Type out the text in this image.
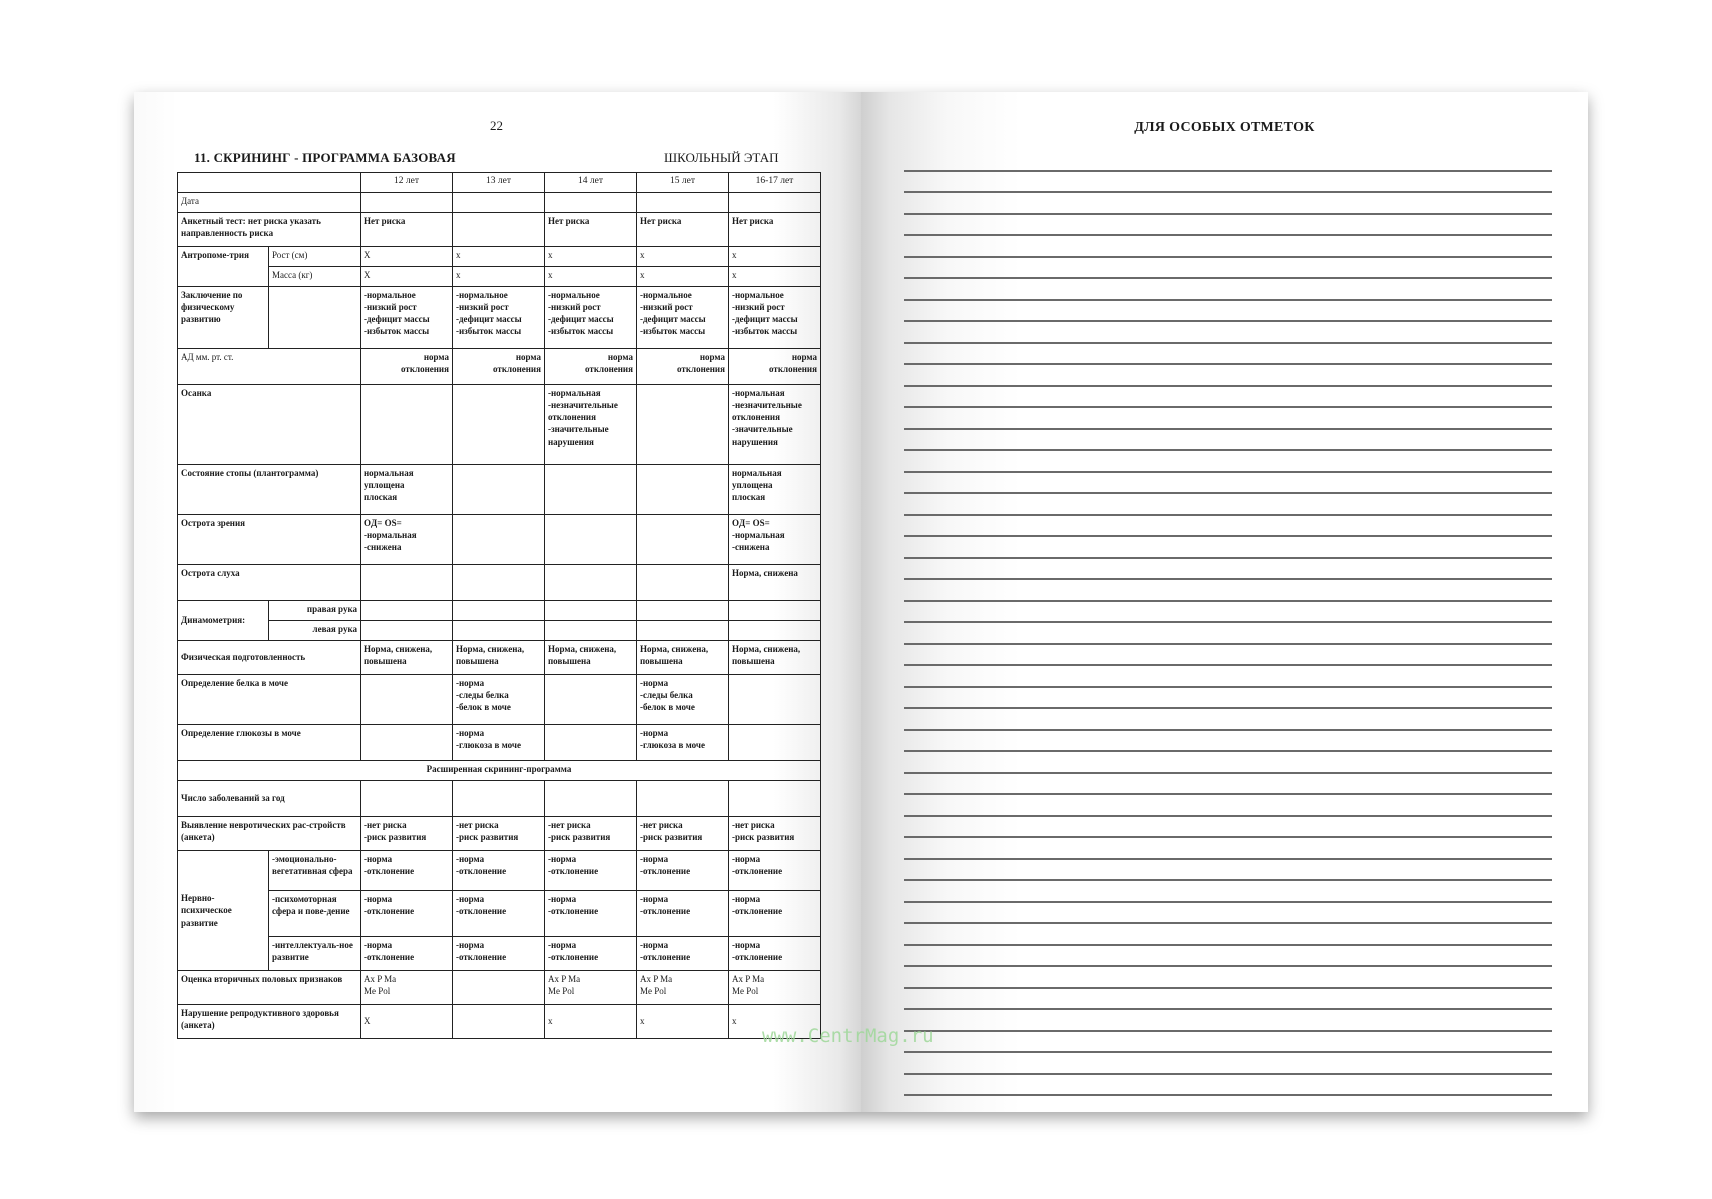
22
11. СКРИНИНГ - ПРОГРАММА БАЗОВАЯ	ШКОЛЬНЫЙ ЭТАП
		12 лет	13 лет	14 лет	15 лет	16-17 лет
Дата						
Анкетный тест: нет риска указать направленность риска		Нет риска		Нет риска	Нет риска	Нет риска
Антропоме-трия	Рост (см)	X	x	x	x	x
	Масса (кг)	X	x	x	x	x
Заключение по физическому развитию		-нормальное
-низкий рост
-дефицит массы
-избыток массы	-нормальное
-низкий рост
-дефицит массы
-избыток массы	-нормальное
-низкий рост
-дефицит массы
-избыток массы	-нормальное
-низкий рост
-дефицит массы
-избыток массы	-нормальное
-низкий рост
-дефицит массы
-избыток массы
АД мм. рт. ст.		норма
отклонения	норма
отклонения	норма
отклонения	норма
отклонения	норма
отклонения
Осанка				-нормальная
-незначительные
отклонения
-значительные
нарушения		-нормальная
-незначительные
отклонения
-значительные
нарушения
Состояние стопы (плантограмма)		нормальная
уплощена
плоская				нормальная
уплощена
плоская
Острота зрения		OД= OS=
-нормальная
-снижена				OД= OS=
-нормальная
-снижена
Острота слуха						Норма, снижена
Динамометрия:	правая рука					
	левая рука					
Физическая подготовленность		Норма, снижена, повышена	Норма, снижена, повышена	Норма, снижена, повышена	Норма, снижена, повышена	Норма, снижена, повышена
Определение белка в моче			-норма
-следы белка
-белок в моче		-норма
-следы белка
-белок в моче	
Определение глюкозы в моче			-норма
-глюкоза в моче		-норма
-глюкоза в моче	
Расширенная скрининг-программа						
Число заболеваний за год						
Выявление невротических рас-стройств (анкета)		-нет риска
-риск развития	-нет риска
-риск развития	-нет риска
-риск развития	-нет риска
-риск развития	-нет риска
-риск развития
Нервно-психическое развитие	-эмоционально-вегетативная сфера	-норма
-отклонение	-норма
-отклонение	-норма
-отклонение	-норма
-отклонение	-норма
-отклонение
	-психомоторная сфера и пове-дение	-норма
-отклонение	-норма
-отклонение	-норма
-отклонение	-норма
-отклонение	-норма
-отклонение
	-интеллектуаль-ное развитие	-норма
-отклонение	-норма
-отклонение	-норма
-отклонение	-норма
-отклонение	-норма
-отклонение
Оценка вторичных половых признаков		Ax P Ma
Me Pol		Ax P Ma
Me Pol	Ax P Ma
Me Pol	Ax P Ma
Me Pol
Нарушение репродуктивного здоровья (анкета)		X		x	x	x
ДЛЯ ОСОБЫХ ОТМЕТОК
www.CentrMag.ru
